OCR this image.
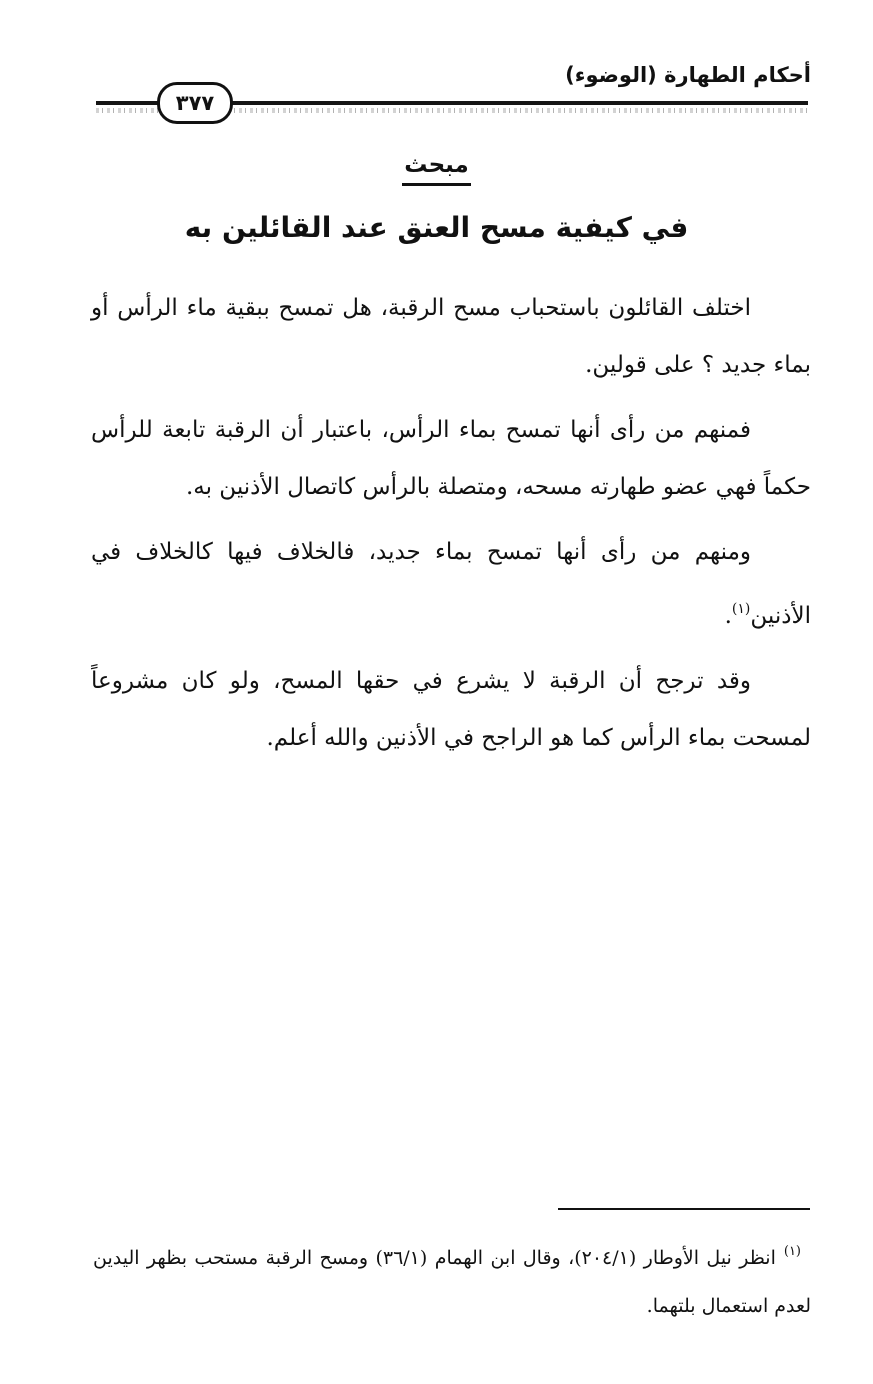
أحكام الطهارة (الوضوء)
٣٧٧
مبحث
في كيفية مسح العنق عند القائلين به

اختلف القائلون باستحباب مسح الرقبة، هل تمسح ببقية ماء الرأس أو بماء جديد ؟ على قولين.

فمنهم من رأى أنها تمسح بماء الرأس، باعتبار أن الرقبة تابعة للرأس حكماً فهي عضو طهارته مسحه، ومتصلة بالرأس كاتصال الأذنين به.

ومنهم من رأى أنها تمسح بماء جديد، فالخلاف فيها كالخلاف في الأذنين$^{(١)}$.

وقد ترجح أن الرقبة لا يشرع في حقها المسح، ولو كان مشروعاً لمسحت بماء الرأس كما هو الراجح في الأذنين والله أعلم.

$^{(١)}$انظر نيل الأوطار (٢٠٤/١)، وقال ابن الهمام (٣٦/١) ومسح الرقبة مستحب بظهر اليدين لعدم استعمال بلتهما.
